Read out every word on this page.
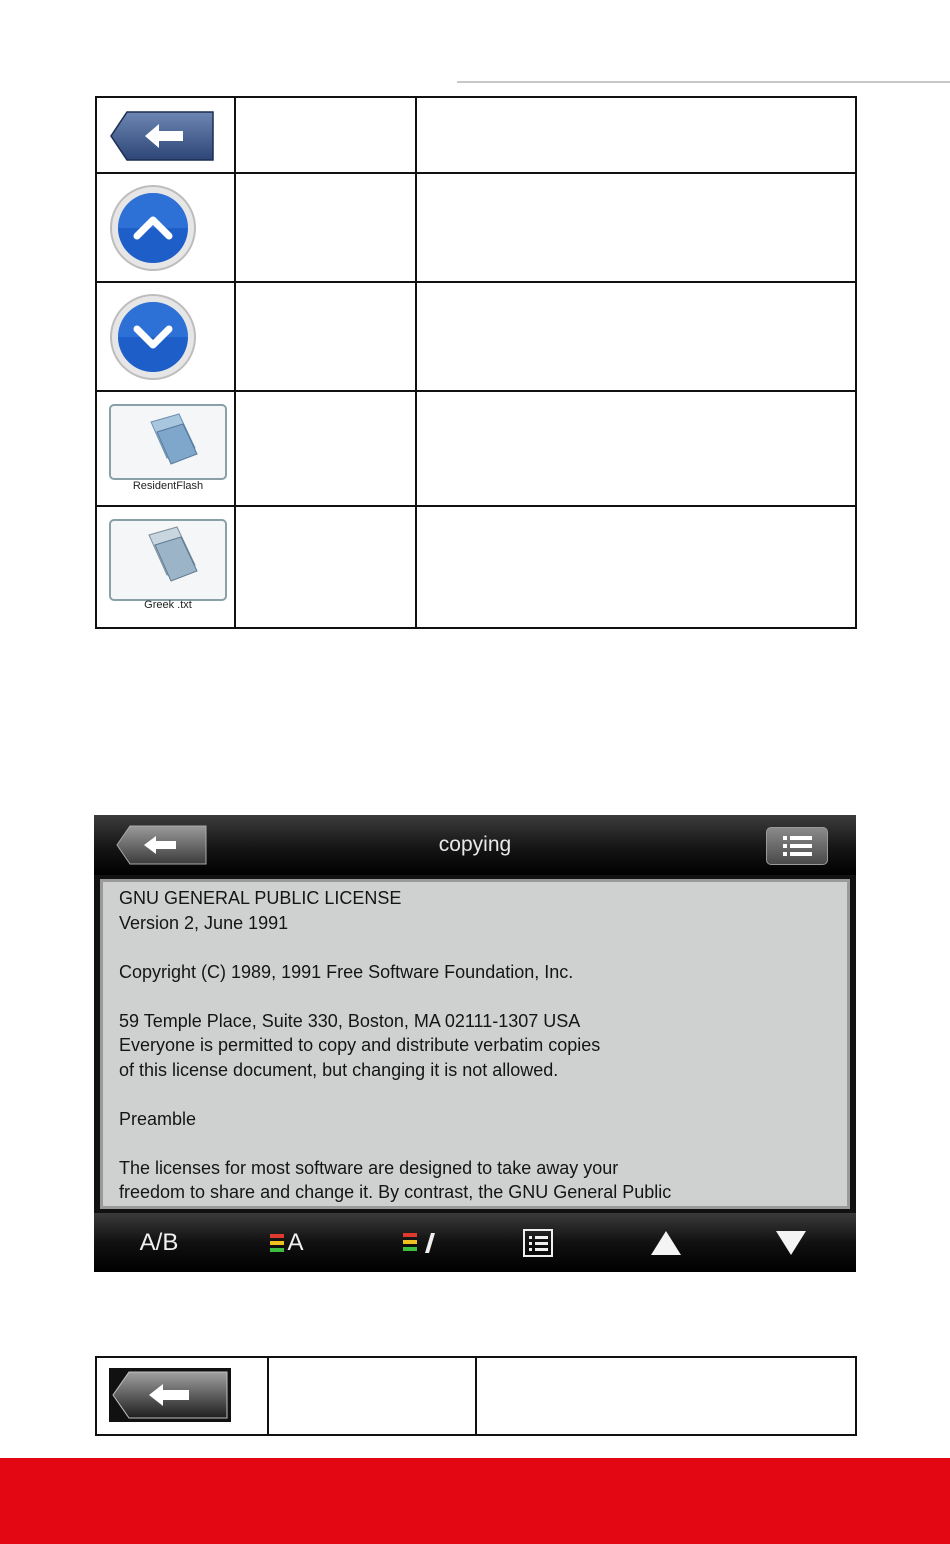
ResidentFlash		

Greek .txt		

copying

GNU GENERAL PUBLIC LICENSE

Version 2, June 1991

Copyright (C) 1989, 1991 Free Software Foundation, Inc.

59 Temple Place, Suite 330, Boston, MA 02111-1307 USA

Everyone is permitted to copy and distribute verbatim copies

of this license document, but changing it is not allowed.

Preamble

The licenses for most software are designed to take away your

freedom to share and change it. By contrast, the GNU General Public

A/B	A
